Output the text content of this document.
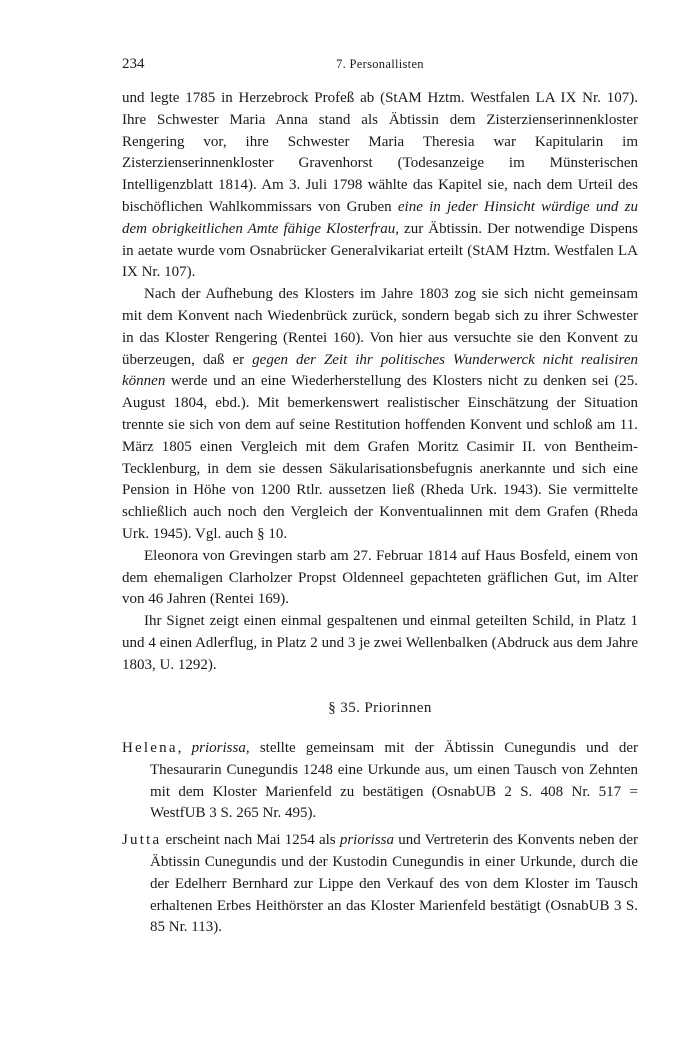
234	7. Personallisten

und legte 1785 in Herzebrock Profeß ab (StAM Hztm. Westfalen LA IX Nr. 107). Ihre Schwester Maria Anna stand als Äbtissin dem Zisterzienserinnenkloster Rengering vor, ihre Schwester Maria Theresia war Kapitularin im Zisterzienserinnenkloster Gravenhorst (Todesanzeige im Münsterischen Intelligenzblatt 1814). Am 3. Juli 1798 wählte das Kapitel sie, nach dem Urteil des bischöflichen Wahlkommissars von Gruben eine in jeder Hinsicht würdige und zu dem obrigkeitlichen Amte fähige Klosterfrau, zur Äbtissin. Der notwendige Dispens in aetate wurde vom Osnabrücker Generalvikariat erteilt (StAM Hztm. Westfalen LA IX Nr. 107).

Nach der Aufhebung des Klosters im Jahre 1803 zog sie sich nicht gemeinsam mit dem Konvent nach Wiedenbrück zurück, sondern begab sich zu ihrer Schwester in das Kloster Rengering (Rentei 160). Von hier aus versuchte sie den Konvent zu überzeugen, daß er gegen der Zeit ihr politisches Wunderwerck nicht realisiren können werde und an eine Wiederherstellung des Klosters nicht zu denken sei (25. August 1804, ebd.). Mit bemerkenswert realistischer Einschätzung der Situation trennte sie sich von dem auf seine Restitution hoffenden Konvent und schloß am 11. März 1805 einen Vergleich mit dem Grafen Moritz Casimir II. von Bentheim-Tecklenburg, in dem sie dessen Säkularisationsbefugnis anerkannte und sich eine Pension in Höhe von 1200 Rtlr. aussetzen ließ (Rheda Urk. 1943). Sie vermittelte schließlich auch noch den Vergleich der Konventualinnen mit dem Grafen (Rheda Urk. 1945). Vgl. auch § 10.

Eleonora von Grevingen starb am 27. Februar 1814 auf Haus Bosfeld, einem von dem ehemaligen Clarholzer Propst Oldenneel gepachteten gräflichen Gut, im Alter von 46 Jahren (Rentei 169).

Ihr Signet zeigt einen einmal gespaltenen und einmal geteilten Schild, in Platz 1 und 4 einen Adlerflug, in Platz 2 und 3 je zwei Wellenbalken (Abdruck aus dem Jahre 1803, U. 1292).

§ 35. Priorinnen

Helena, priorissa, stellte gemeinsam mit der Äbtissin Cunegundis und der Thesaurarin Cunegundis 1248 eine Urkunde aus, um einen Tausch von Zehnten mit dem Kloster Marienfeld zu bestätigen (OsnabUB 2 S. 408 Nr. 517 = WestfUB 3 S. 265 Nr. 495).

Jutta erscheint nach Mai 1254 als priorissa und Vertreterin des Konvents neben der Äbtissin Cunegundis und der Kustodin Cunegundis in einer Urkunde, durch die der Edelherr Bernhard zur Lippe den Verkauf des von dem Kloster im Tausch erhaltenen Erbes Heithörster an das Kloster Marienfeld bestätigt (OsnabUB 3 S. 85 Nr. 113).
